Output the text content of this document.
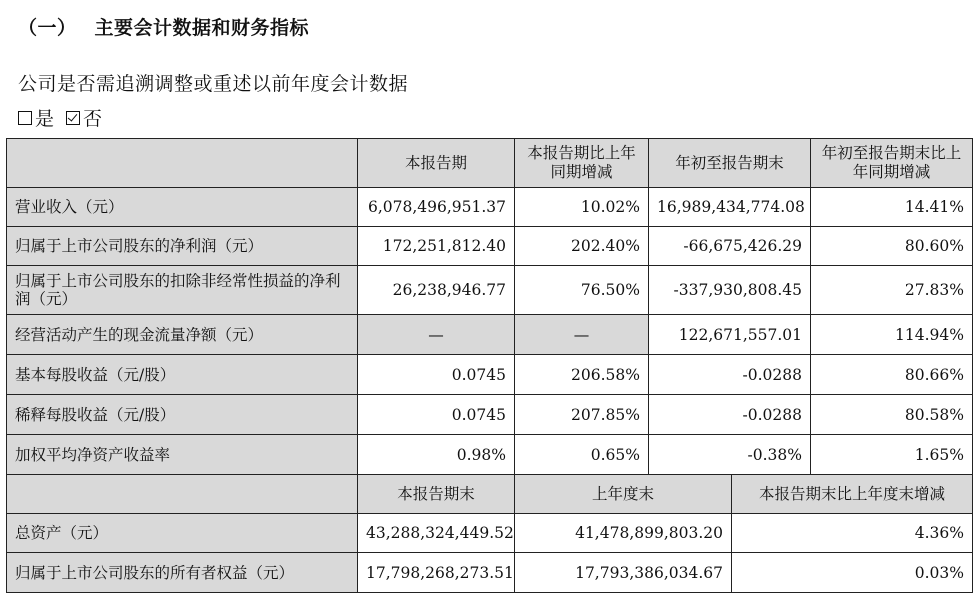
（一） 主要会计数据和财务指标
公司是否需追溯调整或重述以前年度会计数据
是 否
	本报告期	本报告期比上年同期增减	年初至报告期末		年初至报告期末比上年同期增减
营业收入（元）	6,078,496,951.37	10.02%	16,989,434,774.08		14.41%
归属于上市公司股东的净利润（元）	172,251,812.40	202.40%	-66,675,426.29		80.60%
归属于上市公司股东的扣除非经常性损益的净利润（元）	26,238,946.77	76.50%	-337,930,808.45		27.83%
经营活动产生的现金流量净额（元）	—	—	122,671,557.01		114.94%
基本每股收益（元/股）	0.0745	206.58%	-0.0288		80.66%
稀释每股收益（元/股）	0.0745	207.85%	-0.0288		80.58%
加权平均净资产收益率	0.98%	0.65%	-0.38%		1.65%
	本报告期末	上年度末		本报告期末比上年度末增减	
总资产（元）	43,288,324,449.52	41,478,899,803.20		4.36%	
归属于上市公司股东的所有者权益（元）	17,798,268,273.51	17,793,386,034.67		0.03%	
